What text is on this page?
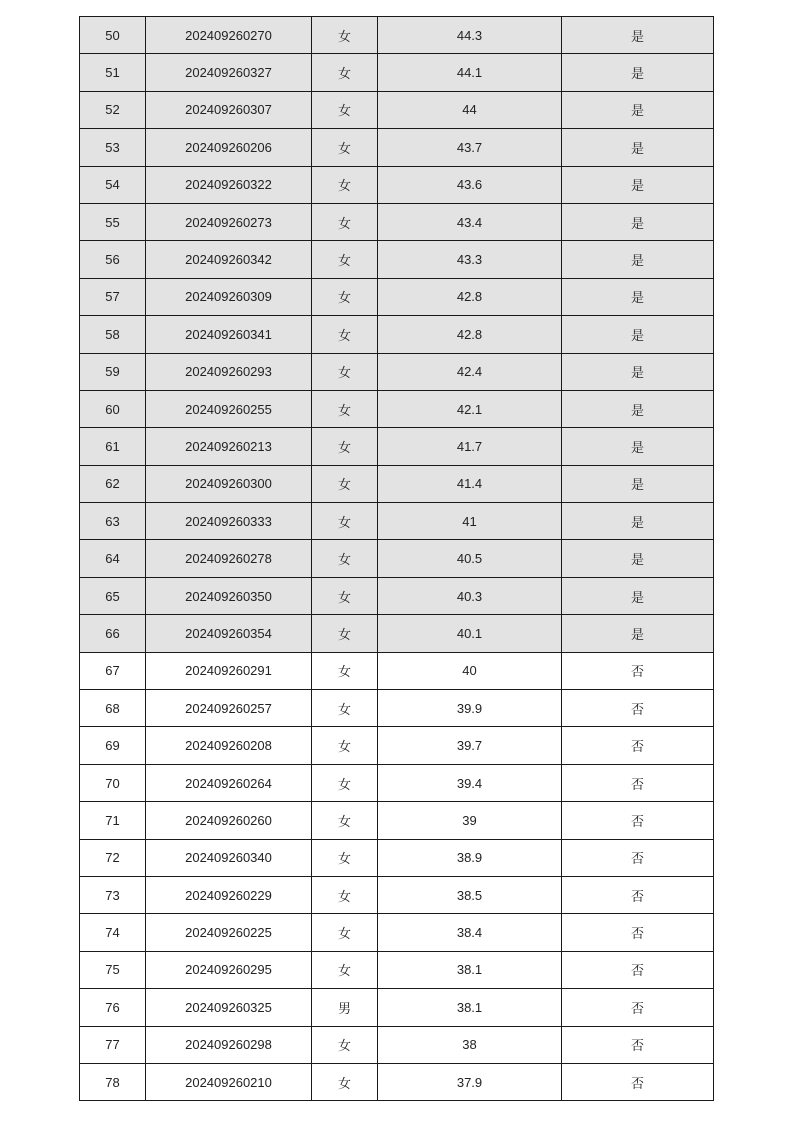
50	202409260270	女	44.3	是
51	202409260327	女	44.1	是
52	202409260307	女	44	是
53	202409260206	女	43.7	是
54	202409260322	女	43.6	是
55	202409260273	女	43.4	是
56	202409260342	女	43.3	是
57	202409260309	女	42.8	是
58	202409260341	女	42.8	是
59	202409260293	女	42.4	是
60	202409260255	女	42.1	是
61	202409260213	女	41.7	是
62	202409260300	女	41.4	是
63	202409260333	女	41	是
64	202409260278	女	40.5	是
65	202409260350	女	40.3	是
66	202409260354	女	40.1	是
67	202409260291	女	40	否
68	202409260257	女	39.9	否
69	202409260208	女	39.7	否
70	202409260264	女	39.4	否
71	202409260260	女	39	否
72	202409260340	女	38.9	否
73	202409260229	女	38.5	否
74	202409260225	女	38.4	否
75	202409260295	女	38.1	否
76	202409260325	男	38.1	否
77	202409260298	女	38	否
78	202409260210	女	37.9	否
